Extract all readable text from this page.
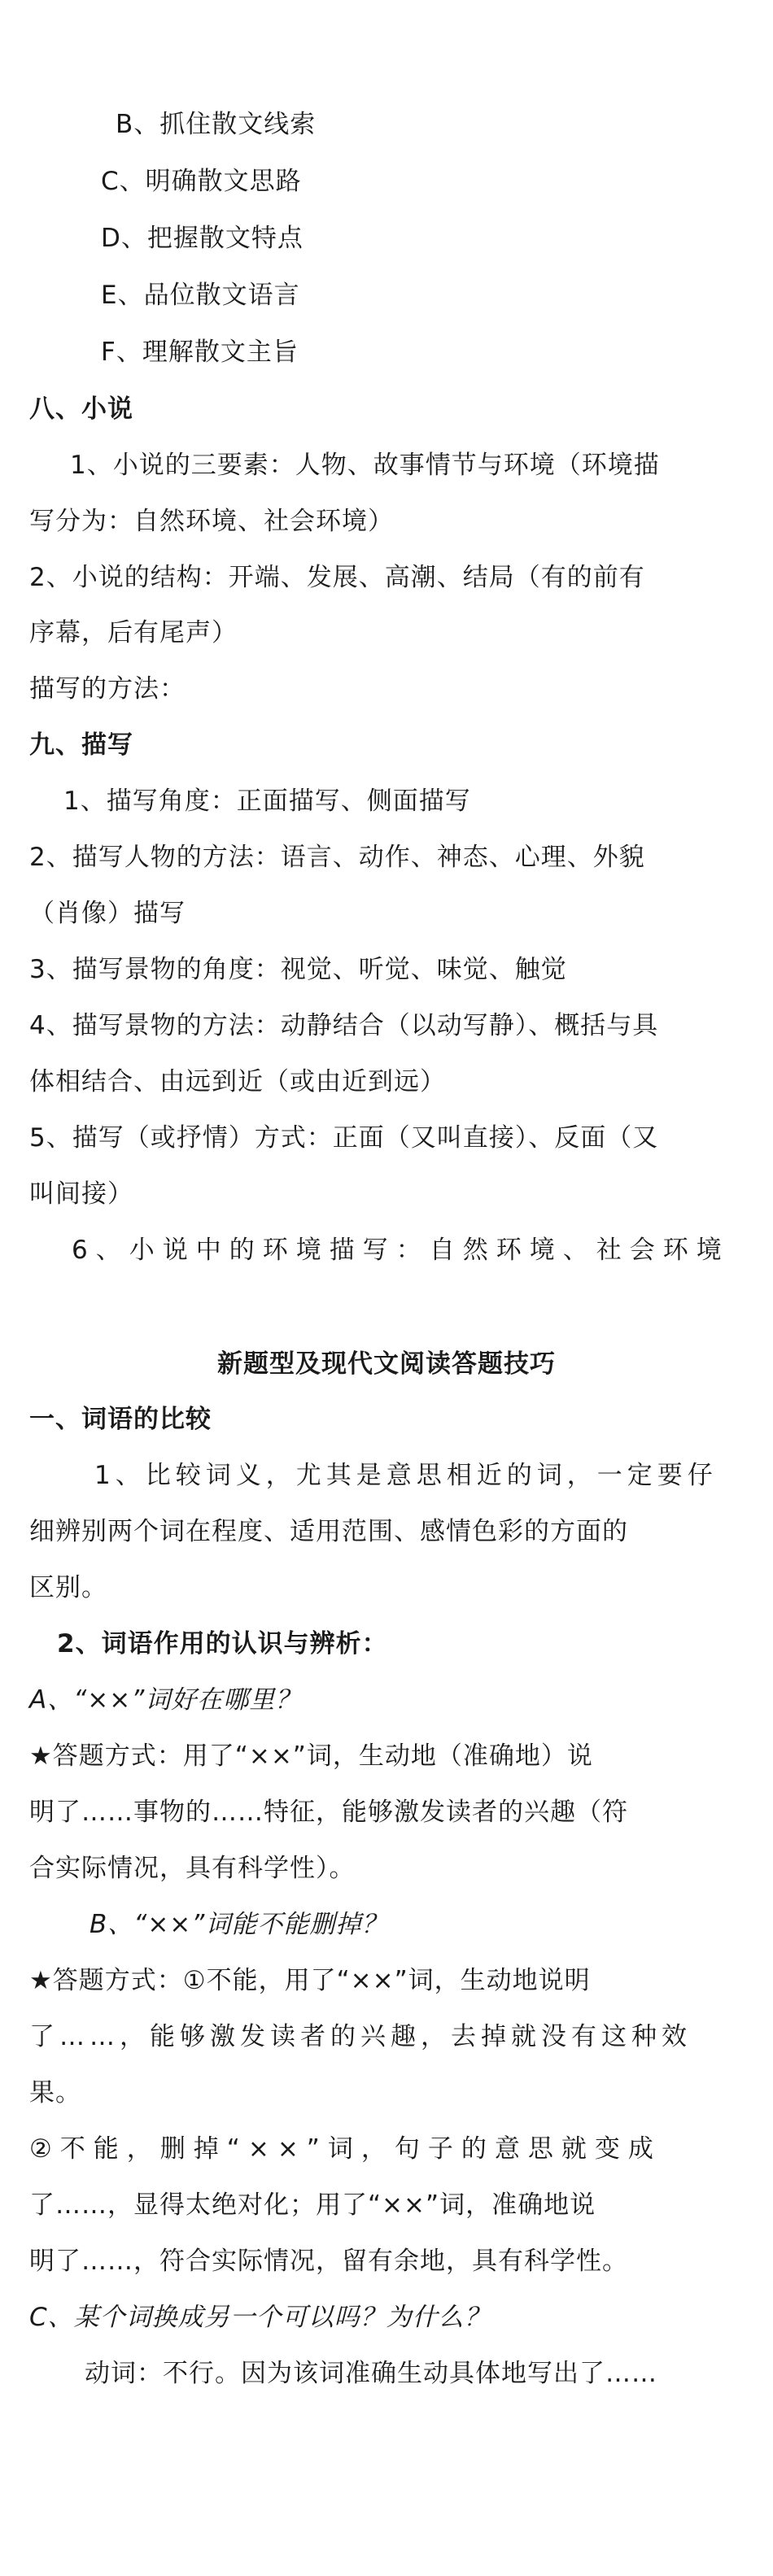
B、抓住散文线索
C、明确散文思路
D、把握散文特点
E、品位散文语言
F、理解散文主旨
八、小说
1、小说的三要素：人物、故事情节与环境（环境描
写分为：自然环境、社会环境）
2、小说的结构：开端、发展、高潮、结局（有的前有
序幕，后有尾声）
描写的方法：
九、描写
1、描写角度：正面描写、侧面描写
2、描写人物的方法：语言、动作、神态、心理、外貌
（肖像）描写
3、描写景物的角度：视觉、听觉、味觉、触觉
4、描写景物的方法：动静结合（以动写静）、概括与具
体相结合、由远到近（或由近到远）
5、描写（或抒情）方式：正面（又叫直接）、反面（又
叫间接）
6、小说中的环境描写：自然环境、社会环境
新题型及现代文阅读答题技巧
一、词语的比较
1、比较词义，尤其是意思相近的词，一定要仔
细辨别两个词在程度、适用范围、感情色彩的方面的
区别。
2、词语作用的认识与辨析：
A、“××”词好在哪里？
★答题方式：用了“××”词，生动地（准确地）说
明了……事物的……特征，能够激发读者的兴趣（符
合实际情况，具有科学性）。
B、“××”词能不能删掉？
★答题方式：①不能，用了“××”词，生动地说明
了……，能够激发读者的兴趣，去掉就没有这种效
果。
②不能，删掉“××”词，句子的意思就变成
了……，显得太绝对化；用了“××”词，准确地说
明了……，符合实际情况，留有余地，具有科学性。
C、某个词换成另一个可以吗？为什么？
动词：不行。因为该词准确生动具体地写出了……
